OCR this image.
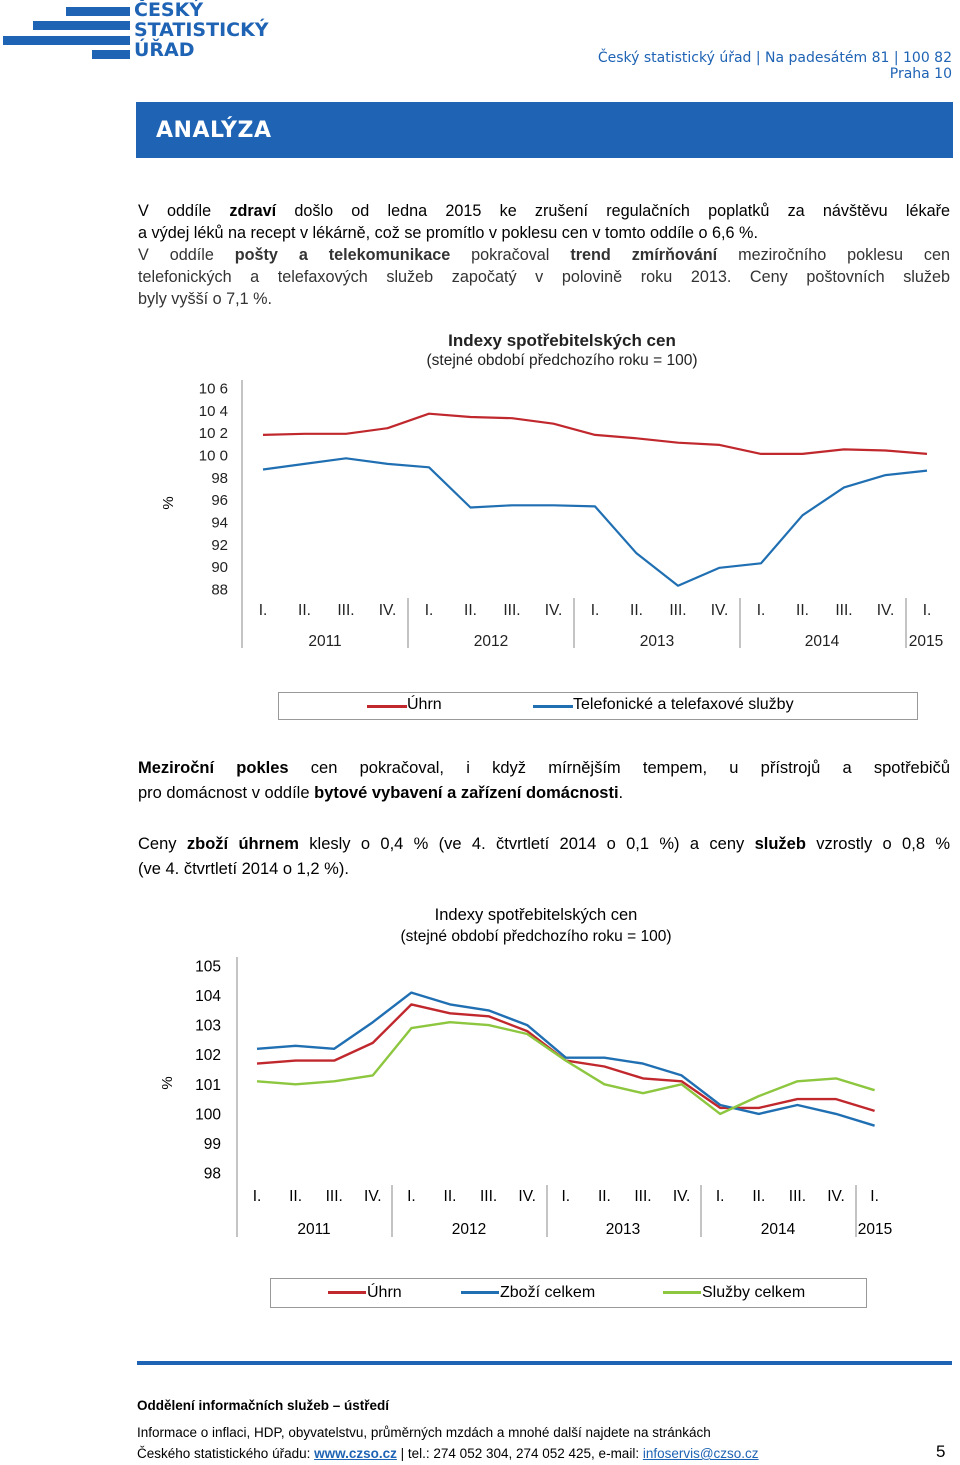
ČESKÝ
STATISTICKÝ
ÚŘAD	Český statistický úřad | Na padesátém 81 | 100 82 Praha 10
ANALÝZA
V oddíle zdraví došlo od ledna 2015 ke zrušení regulačních poplatků za návštěvu lékaře
a výdej léků na recept v lékárně, což se promítlo v poklesu cen v tomto oddíle o 6,6 %.
V oddíle pošty a telekomunikace pokračoval trend zmírňování meziročního poklesu cen
telefonických a telefaxových služeb započatý v polovině roku 2013. Ceny poštovních služeb
byly vyšší o 7,1 %.
Indexy spotřebitelských cen
(stejné období předchozího roku = 100)
%
10 6
10 4
10 2
10 0
98
96
94
92
90
88
I. II. III. IV. I. II. III. IV. I. II. III. IV. I. II. III. IV. I.
2011	2012	2013	2014	2015
Úhrn	Telefonické a telefaxové služby
Meziroční pokles cen pokračoval, i když mírnějším tempem, u přístrojů a spotřebičů
pro domácnost v oddíle bytové vybavení a zařízení domácnosti.
Ceny zboží úhrnem klesly o 0,4 % (ve 4. čtvrtletí 2014 o 0,1 %) a ceny služeb vzrostly o 0,8 %
(ve 4. čtvrtletí 2014 o 1,2 %).
Indexy spotřebitelských cen
(stejné období předchozího roku = 100)
%
105
104
103
102
101
100
99
98
I. II. III. IV. I. II. III. IV. I. II. III. IV. I. II. III. IV. I.
2011	2012	2013	2014	2015
Úhrn	Zboží celkem	Služby celkem
Oddělení informačních služeb – ústředí
Informace o inflaci, HDP, obyvatelstvu, průměrných mzdách a mnohé další najdete na stránkách
Českého statistického úřadu: www.czso.cz | tel.: 274 052 304, 274 052 425, e-mail: infoservis@czso.cz	5
